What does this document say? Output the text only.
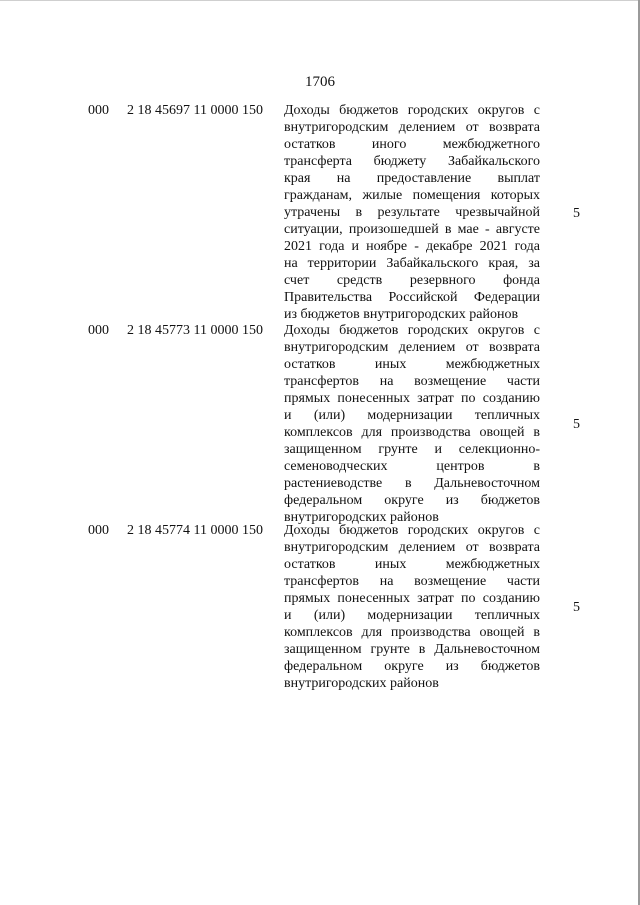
1706
000 2 18 45697 11 0000 150 Доходы бюджетов городских округов с
внутригородским делением от возврата
остатков иного межбюджетного
трансферта бюджету Забайкальского
края на предоставление выплат
гражданам, жилые помещения которых
утрачены в результате чрезвычайной
ситуации, произошедшей в мае - августе
2021 года и ноябре - декабре 2021 года
на территории Забайкальского края, за
счет средств резервного фонда
Правительства Российской Федерации
из бюджетов внутригородских районов
5
000 2 18 45773 11 0000 150 Доходы бюджетов городских округов с
внутригородским делением от возврата
остатков иных межбюджетных
трансфертов на возмещение части
прямых понесенных затрат по созданию
и (или) модернизации тепличных
комплексов для производства овощей в
защищенном грунте и селекционно-
семеноводческих центров в
растениеводстве в Дальневосточном
федеральном округе из бюджетов
внутригородских районов
5
000 2 18 45774 11 0000 150 Доходы бюджетов городских округов с
внутригородским делением от возврата
остатков иных межбюджетных
трансфертов на возмещение части
прямых понесенных затрат по созданию
и (или) модернизации тепличных
комплексов для производства овощей в
защищенном грунте в Дальневосточном
федеральном округе из бюджетов
внутригородских районов
5
